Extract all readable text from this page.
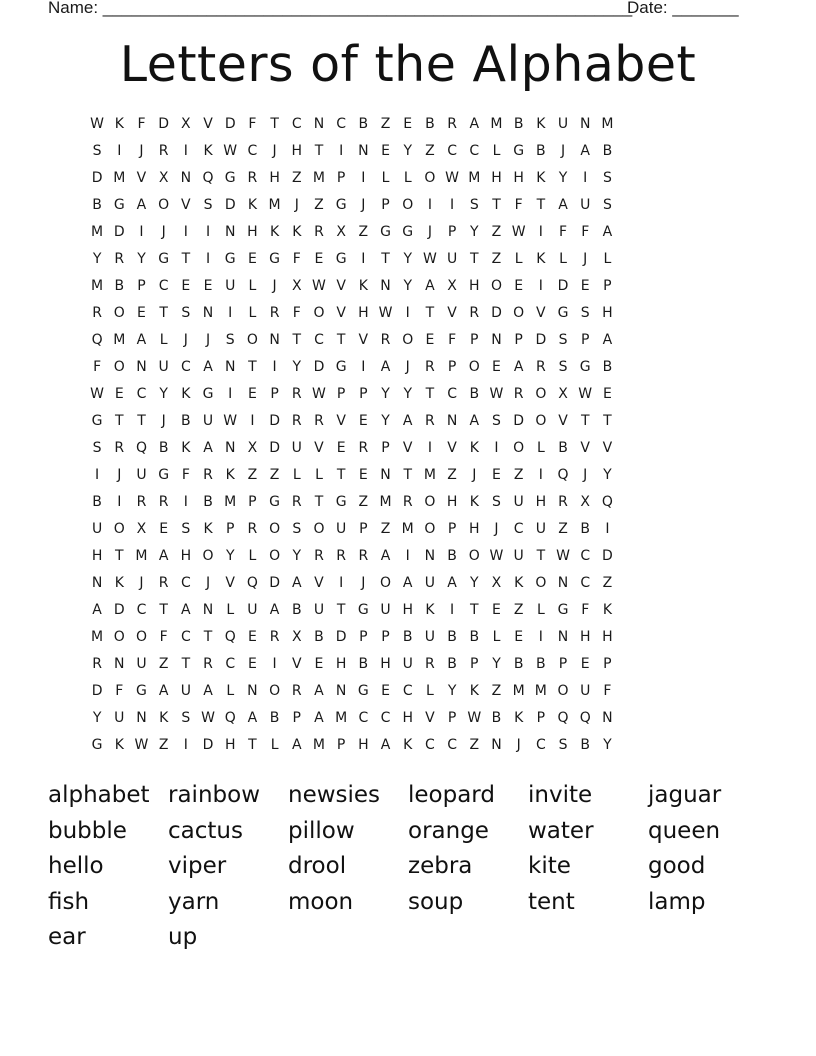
Name: ________________________________________________________
Date: _______
Letters of the Alphabet
W K F D X V D F T C N C B Z E B R A M B K U N M
S	I	J	R	I	K W C	J	H T	I	N E Y Z C C L G B	J	A B
D M V X N Q G R H Z M P	I	L	L O W M H H K Y	I	S
B G A O V S D K M	J	Z G	J	P O	I	I	S T F T A U S
M D	I	J	I	I	N H K K R X Z G G	J	P Y Z W I	F	F A
Y R Y G T	I	G E G F E G	I	T Y W U T Z L K L	J	L
M B P C E E U L	J	X W V K N Y A X H O E	I	D E P
R O E T S N	I	L R F O V H W I	T V R D O V G S H
Q M A L	J	J	S O N T C T V R O E F P N P D S P A
F O N U C A N T	I	Y D G	I	A	J	R P O E A R S G B
W E C Y K G	I	E P R W P P Y Y T C B W R O X W E
G T T	J	B U W I	D R R V E Y A R N A S D O V T T
S R Q B K A N X D U V E R P V	I	V K	I	O L B V V
I	J	U G F R K Z Z L	L	T E N T M Z	J	E Z	I	Q	J	Y
B	I	R R	I	B M P G R T G Z M R O H K S U H R X Q
U O X E S K P R O S O U P Z M O P H	J	C U Z B	I
H T M A H O Y	L O Y R R R A	I	N B O W U T W C D
N K	J	R C	J	V Q D A V	I	J	O A U A Y X K O N C Z
A D C T A N L U A B U T G U H K	I	T E Z L G F K
M O O F C T Q E R X B D P P B U B B L E	I	N H H
R N U Z T R C E	I	V E H B H U R B P Y B B P E P
D F G A U A L N O R A N G E C L	Y K Z M M O U F
Y U N K S W Q A B P A M C C H V P W B K P Q Q N
G K W Z	I	D H T	L A M P H A K C C Z N	J	C S B Y
alphabet rainbow	newsies	leopard	invite	jaguar
bubble	cactus	pillow	orange	water	queen
hello	viper	drool	zebra	kite	good
fish	yarn	moon	soup	tent	lamp
ear	up
